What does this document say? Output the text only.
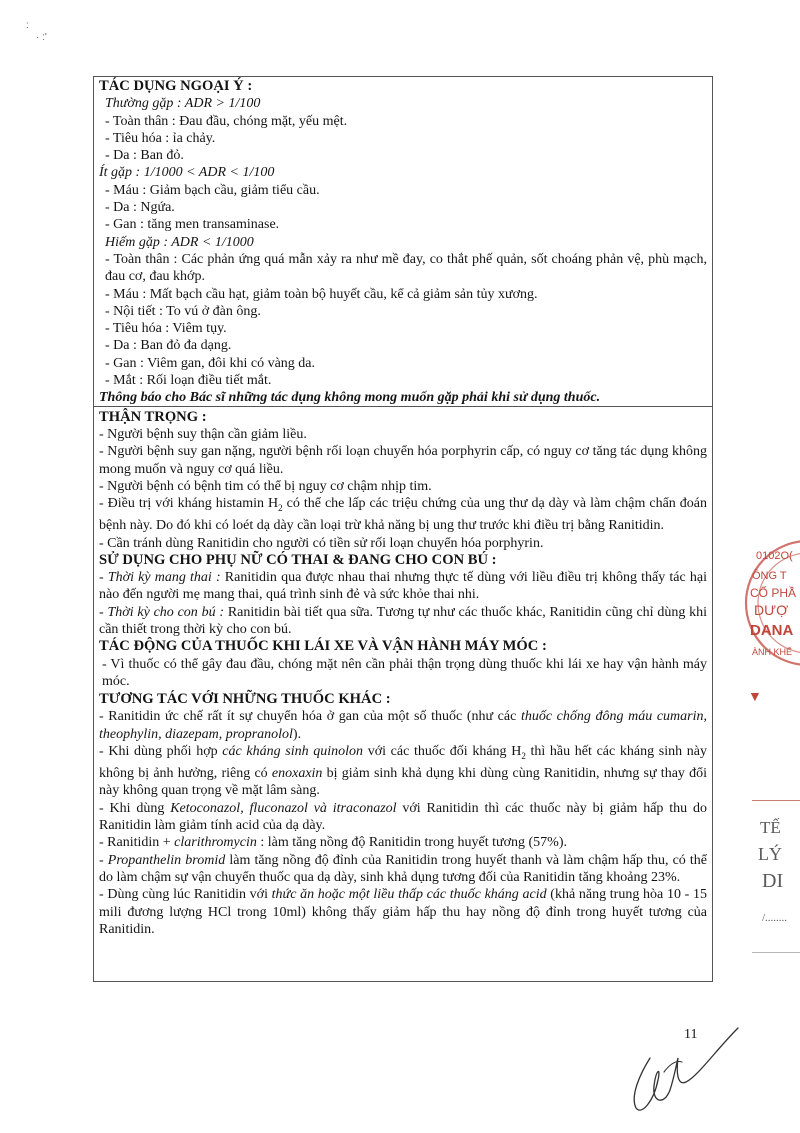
:
· :'
TÁC DỤNG NGOẠI Ý :
Thường gặp : ADR > 1/100
- Toàn thân : Đau đầu, chóng mặt, yếu mệt.
- Tiêu hóa : ỉa chảy.
- Da : Ban đỏ.
Ít gặp : 1/1000 < ADR < 1/100
- Máu : Giảm bạch cầu, giảm tiểu cầu.
- Da : Ngứa.
- Gan : tăng men transaminase.
Hiếm gặp : ADR < 1/1000
- Toàn thân : Các phản ứng quá mẫn xảy ra như mề đay, co thắt phế quản, sốt choáng phản vệ, phù mạch, đau cơ, đau khớp.
- Máu : Mất bạch cầu hạt, giảm toàn bộ huyết cầu, kể cả giảm sản tủy xương.
- Nội tiết : To vú ở đàn ông.
- Tiêu hóa : Viêm tụy.
- Da : Ban đỏ đa dạng.
- Gan : Viêm gan, đôi khi có vàng da.
- Mắt : Rối loạn điều tiết mắt.
Thông báo cho Bác sĩ những tác dụng không mong muốn gặp phải khi sử dụng thuốc.
THẬN TRỌNG :
- Người bệnh suy thận cần giảm liều.
- Người bệnh suy gan nặng, người bệnh rối loạn chuyển hóa porphyrin cấp, có nguy cơ tăng tác dụng không mong muốn và nguy cơ quá liều.
- Người bệnh có bệnh tim có thể bị nguy cơ chậm nhịp tim.
- Điều trị với kháng histamin $H_2$ có thể che lấp các triệu chứng của ung thư dạ dày và làm chậm chẩn đoán bệnh này. Do đó khi có loét dạ dày cần loại trừ khả năng bị ung thư trước khi điều trị bằng Ranitidin.
- Cần tránh dùng Ranitidin cho người có tiền sử rối loạn chuyển hóa porphyrin.
SỬ DỤNG CHO PHỤ NỮ CÓ THAI & ĐANG CHO CON BÚ :
- Thời kỳ mang thai : Ranitidin qua được nhau thai nhưng thực tế dùng với liều điều trị không thấy tác hại nào đến người mẹ mang thai, quá trình sinh đẻ và sức khỏe thai nhi.
- Thời kỳ cho con bú : Ranitidin bài tiết qua sữa. Tương tự như các thuốc khác, Ranitidin cũng chỉ dùng khi cần thiết trong thời kỳ cho con bú.
TÁC ĐỘNG CỦA THUỐC KHI LÁI XE VÀ VẬN HÀNH MÁY MÓC :
- Vì thuốc có thể gây đau đầu, chóng mặt nên cần phải thận trọng dùng thuốc khi lái xe hay vận hành máy móc.
TƯƠNG TÁC VỚI NHỮNG THUỐC KHÁC :
- Ranitidin ức chế rất ít sự chuyển hóa ở gan của một số thuốc (như các thuốc chống đông máu cumarin, theophylin, diazepam, propranolol).
- Khi dùng phối hợp các kháng sinh quinolon với các thuốc đối kháng $H_2$ thì hầu hết các kháng sinh này không bị ảnh hưởng, riêng có enoxaxin bị giảm sinh khả dụng khi dùng cùng Ranitidin, nhưng sự thay đổi này không quan trọng về mặt lâm sàng.
- Khi dùng Ketoconazol, fluconazol và itraconazol với Ranitidin thì các thuốc này bị giảm hấp thu do Ranitidin làm giảm tính acid của dạ dày.
- Ranitidin + clarithromycin : làm tăng nồng độ Ranitidin trong huyết tương (57%).
- Propanthelin bromid làm tăng nồng độ đỉnh của Ranitidin trong huyết thanh và làm chậm hấp thu, có thể do làm chậm sự vận chuyển thuốc qua dạ dày, sinh khả dụng tương đối của Ranitidin tăng khoảng 23%.
- Dùng cùng lúc Ranitidin với thức ăn hoặc một liều thấp các thuốc kháng acid (khả năng trung hòa 10 - 15 mili đương lượng HCl trong 10ml) không thấy giảm hấp thu hay nồng độ đỉnh trong huyết tương của Ranitidin.
0102O(
ÔNG T
CỔ PHẦ
DƯỢ
DANA
ÀNH KHẾ
▼
TẾ
LÝ
DI
/........
11
